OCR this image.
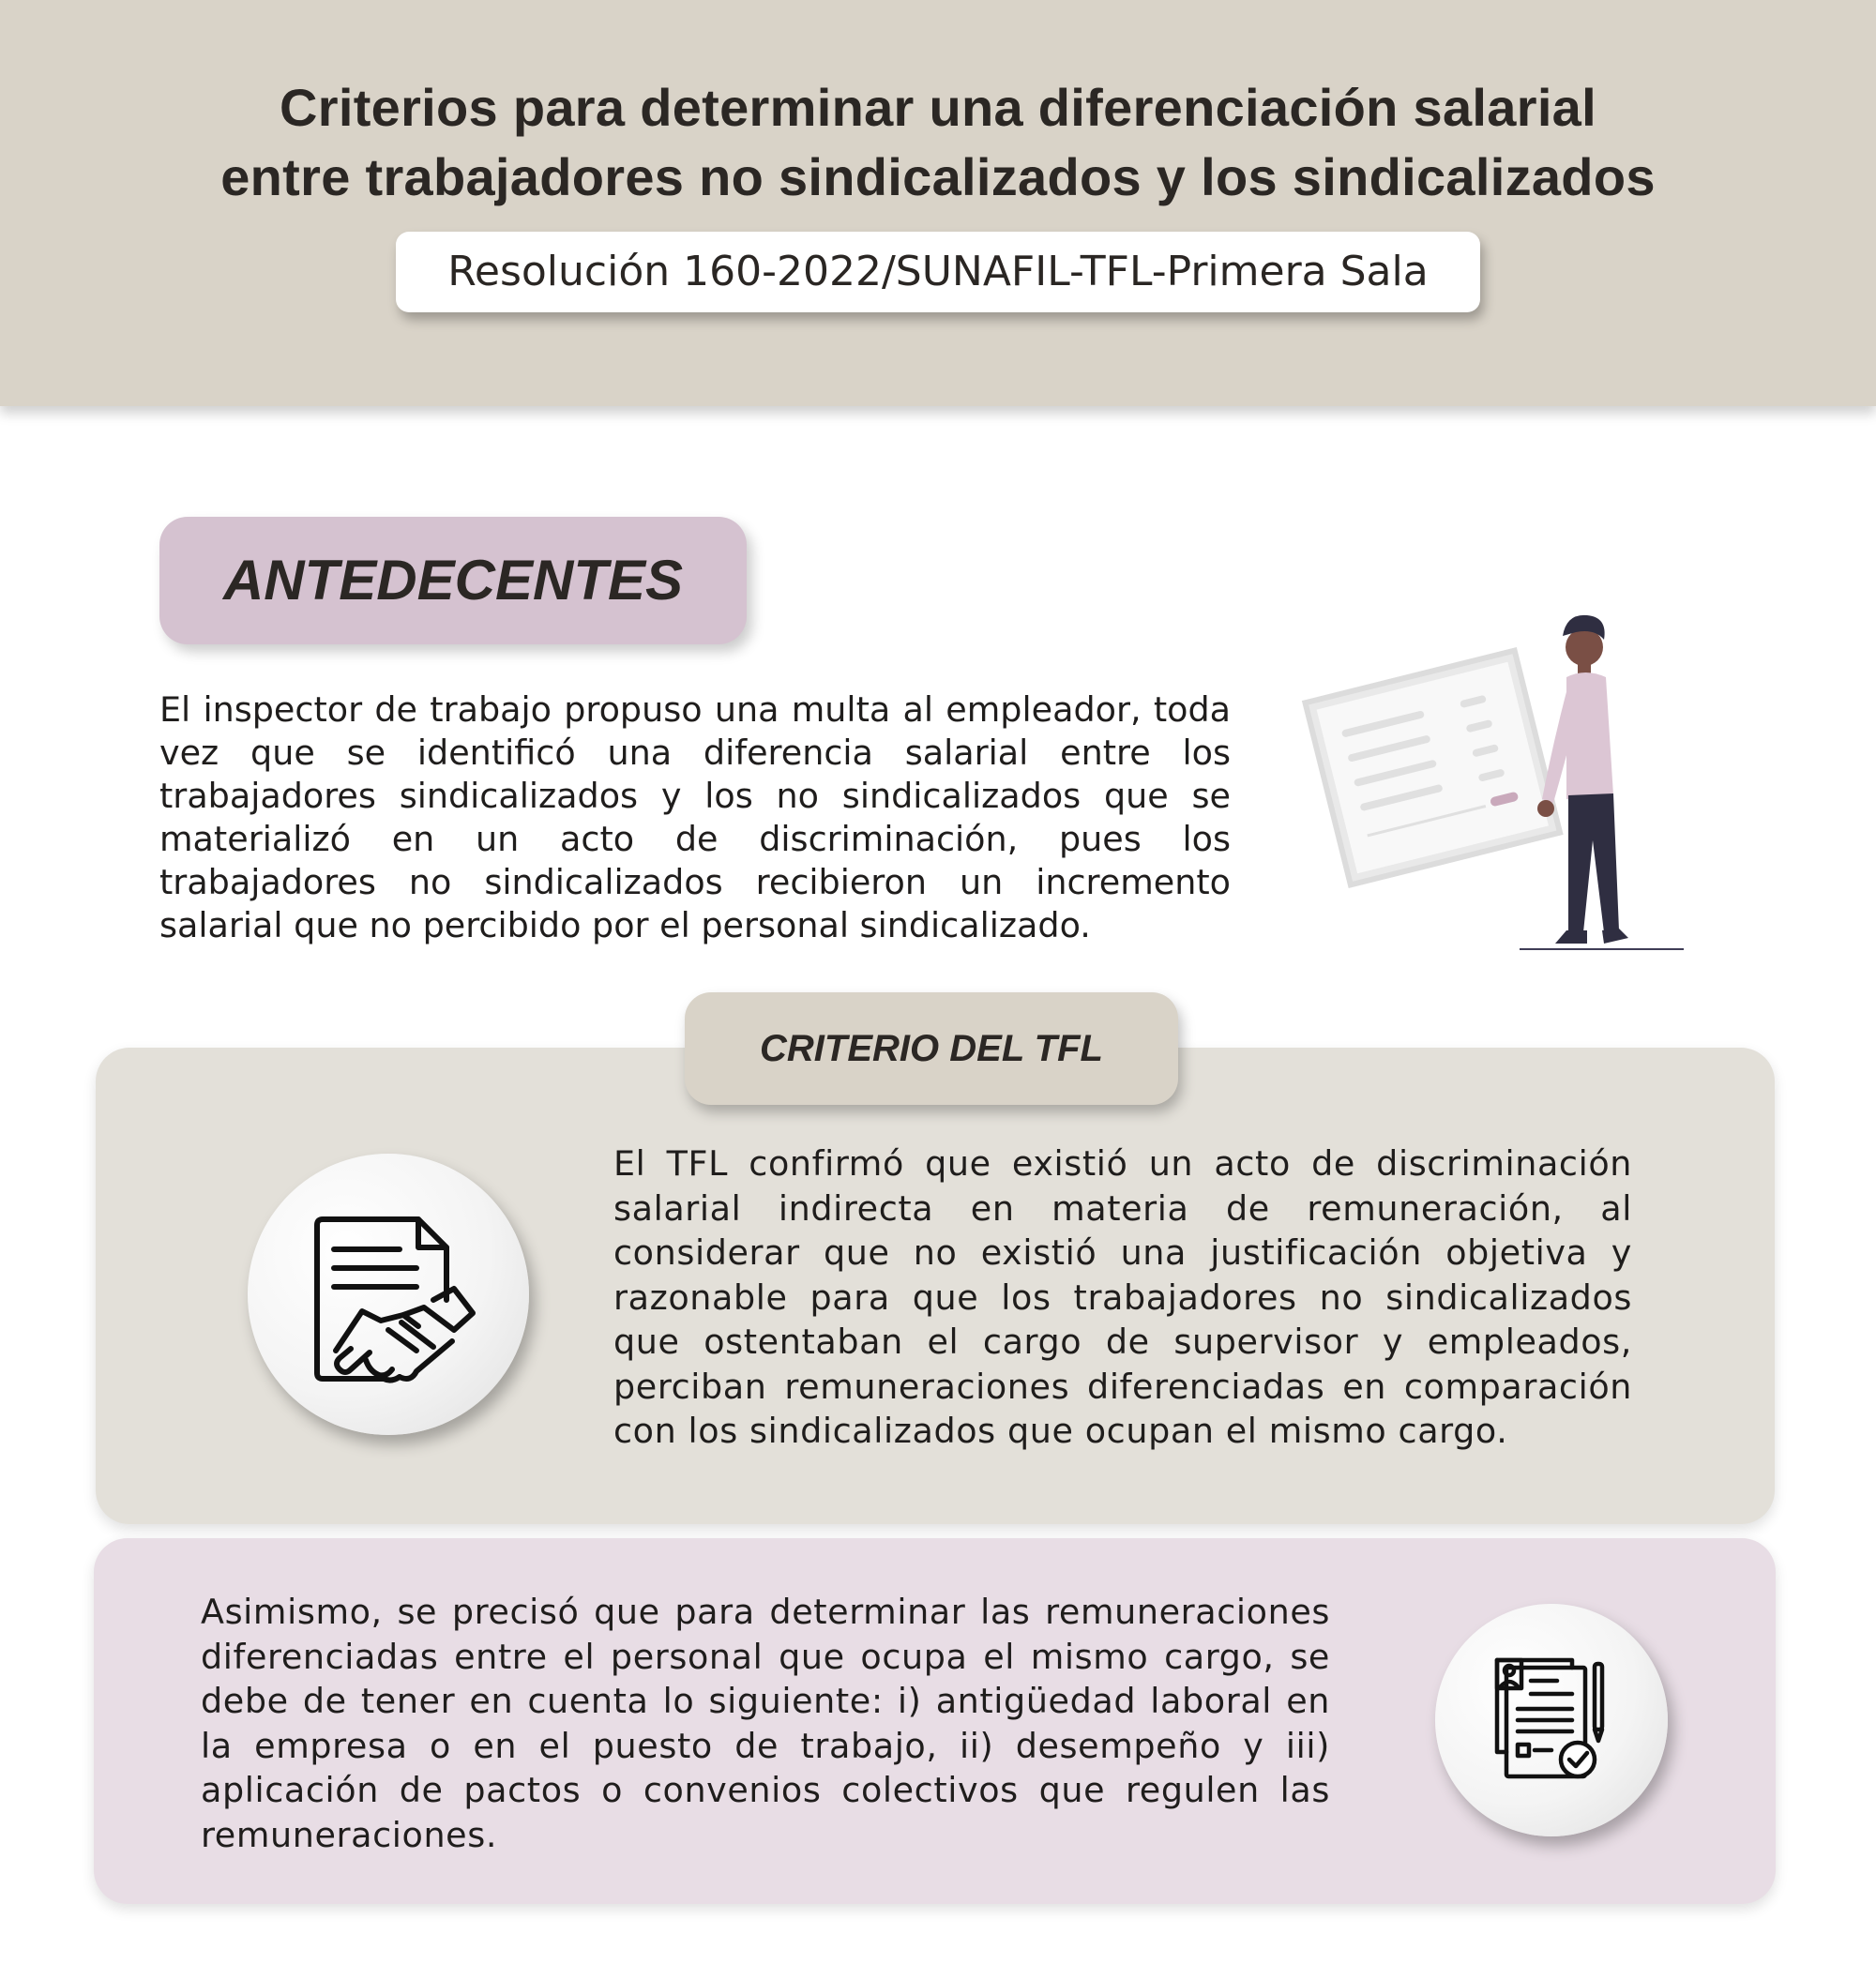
Criterios para determinar una diferenciación salarial
entre trabajadores no sindicalizados y los sindicalizados
Resolución 160-2022/SUNAFIL-TFL-Primera Sala
ANTEDECENTES

El inspector de trabajo propuso una multa al empleador, toda vez que se identificó una diferencia salarial entre los trabajadores sindicalizados y los no sindicalizados que se materializó en un acto de discriminación, pues los trabajadores no sindicalizados recibieron un incremento salarial que no percibido por el personal sindicalizado.

CRITERIO DEL TFL

El TFL confirmó que existió un acto de discriminación salarial indirecta en materia de remuneración, al considerar que no existió una justificación objetiva y razonable para que los trabajadores no sindicalizados que ostentaban el cargo de supervisor y empleados, perciban remuneraciones diferenciadas en comparación con los sindicalizados que ocupan el mismo cargo.

Asimismo, se precisó que para determinar las remuneraciones diferenciadas entre el personal que ocupa el mismo cargo, se debe de tener en cuenta lo siguiente: i) antigüedad laboral en la empresa o en el puesto de trabajo, ii) desempeño y iii) aplicación de pactos o convenios colectivos que regulen las remuneraciones.
